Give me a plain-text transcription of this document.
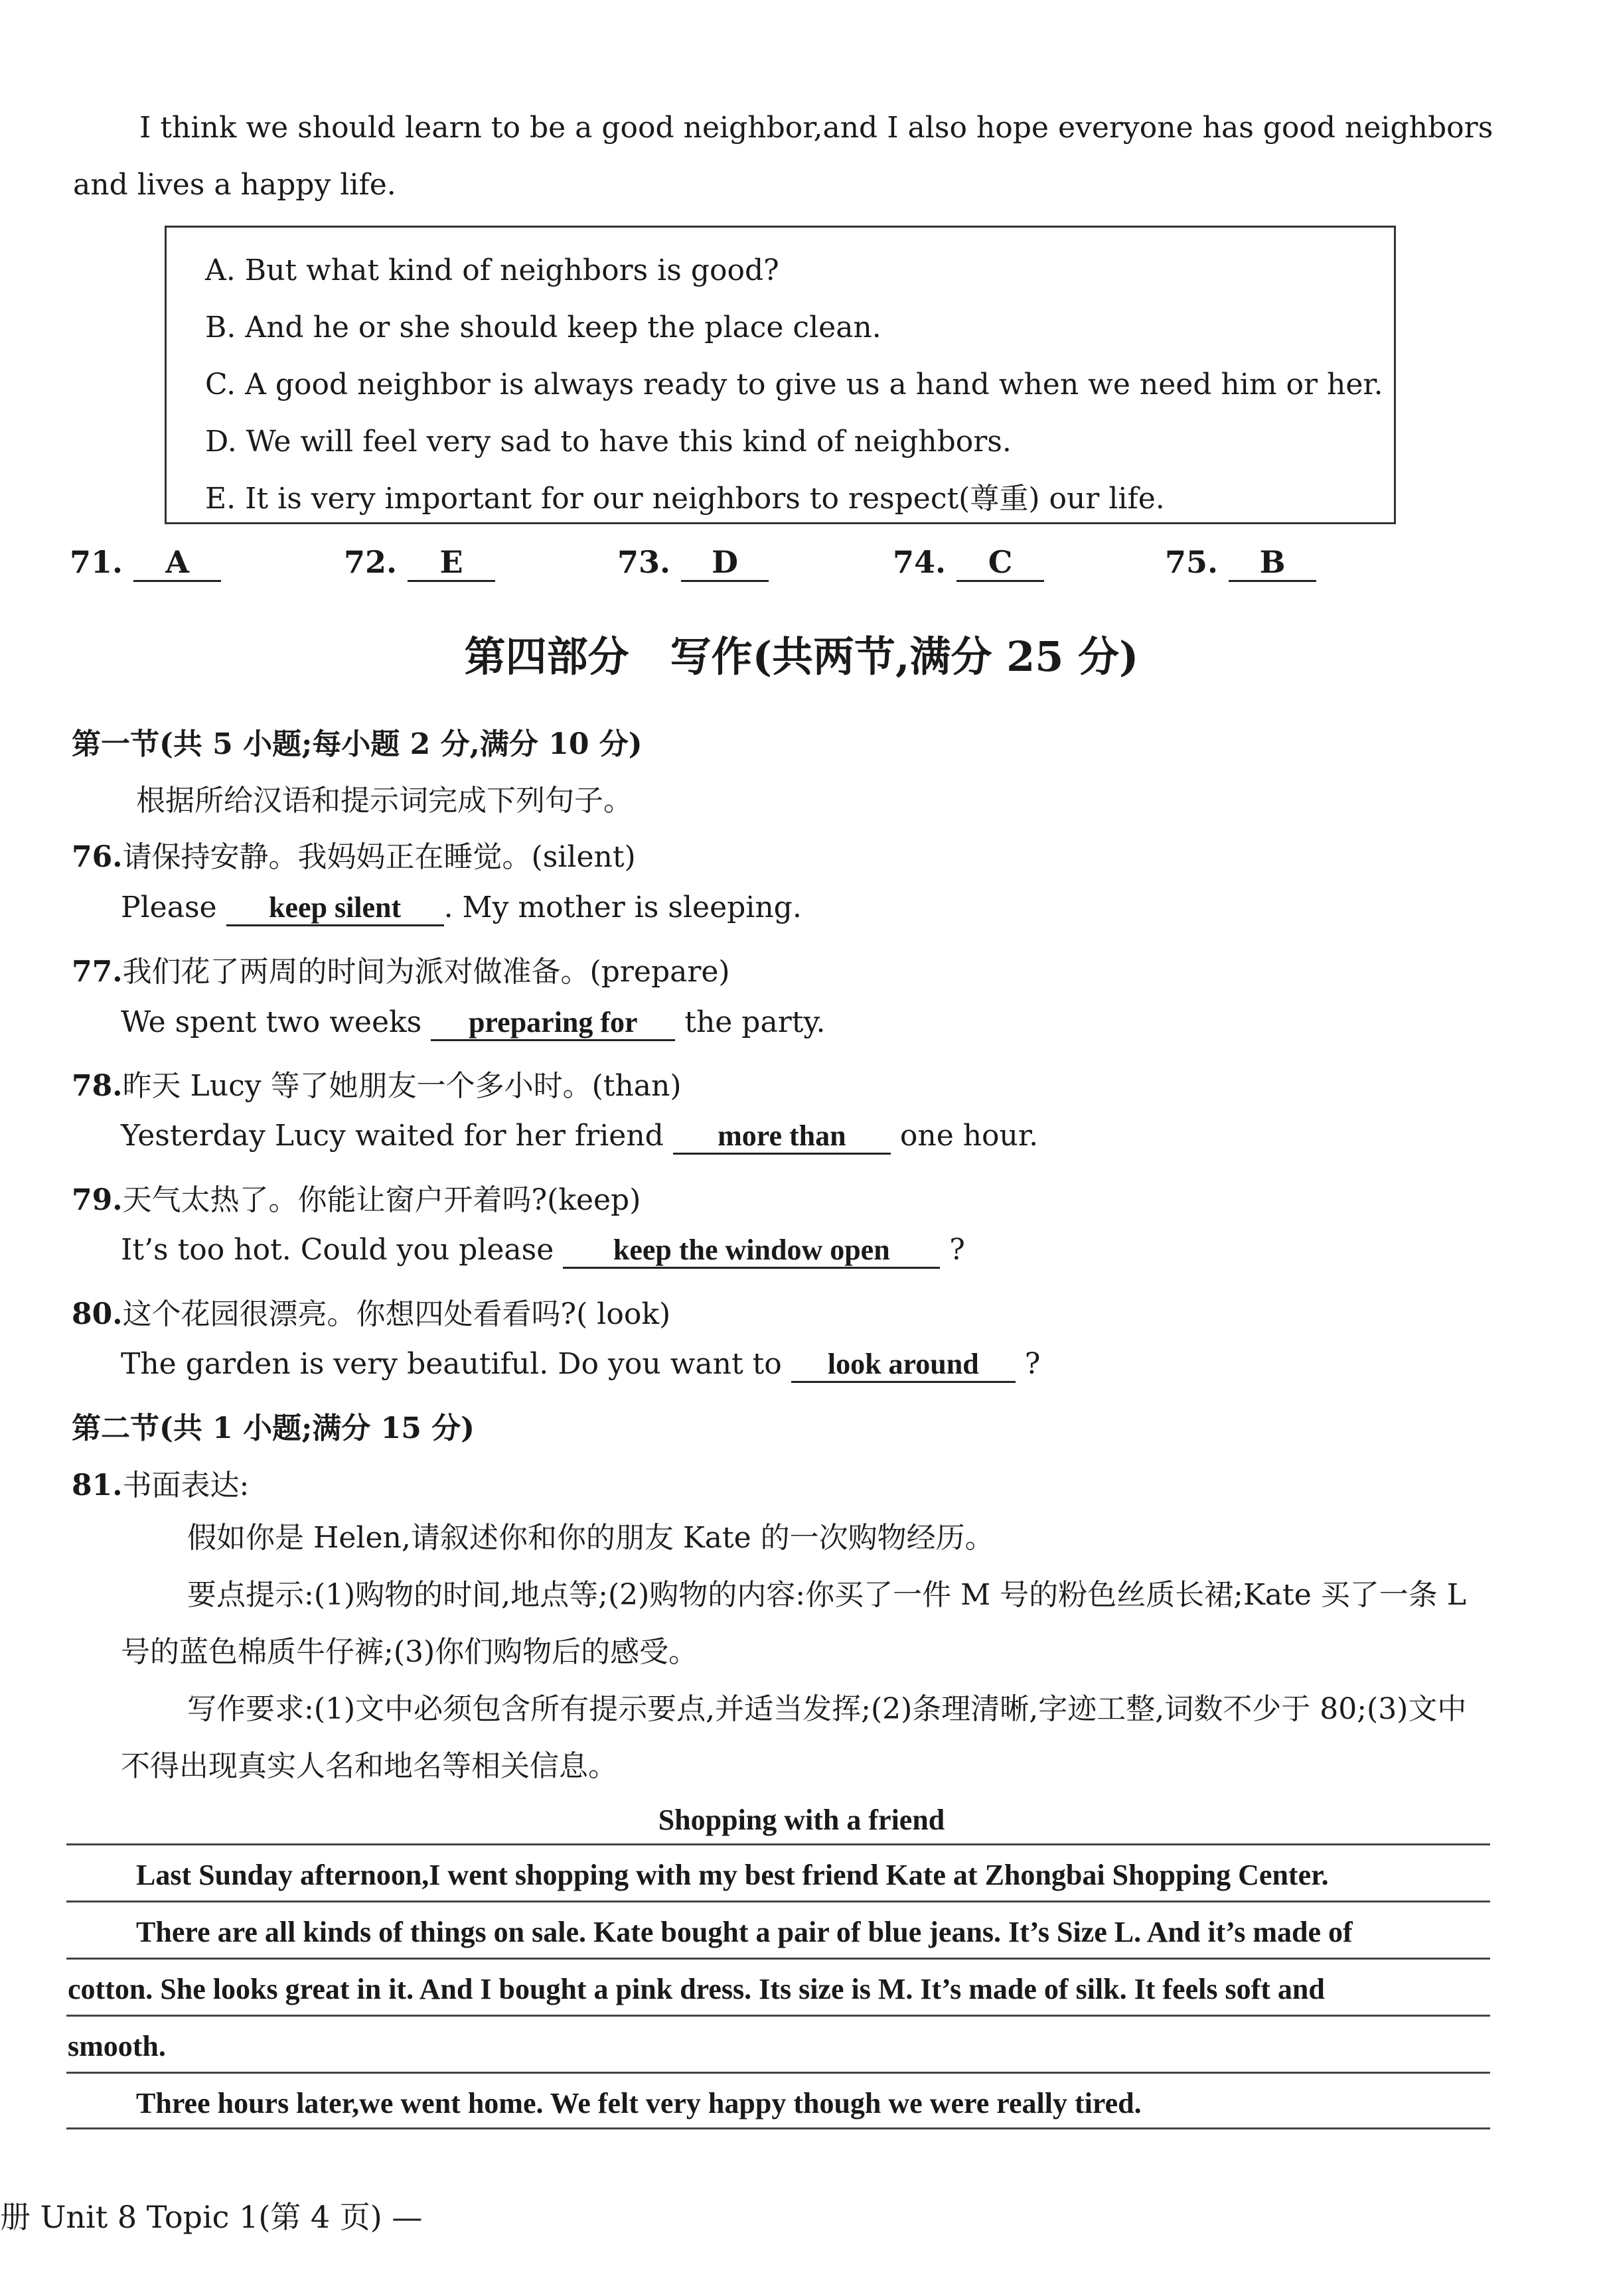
I think we should learn to be a good neighbor,and I also hope everyone has good neighbors and lives a happy life.
A. But what kind of neighbors is good?
B. And he or she should keep the place clean.
C. A good neighbor is always ready to give us a hand when we need him or her.
D. We will feel very sad to have this kind of neighbors.
E. It is very important for our neighbors to respect(尊重) our life.
71. A	72. E	73. D	74. C	75. B
第四部分　写作(共两节,满分 25 分)
第一节(共 5 小题;每小题 2 分,满分 10 分)
根据所给汉语和提示词完成下列句子。
76.请保持安静。我妈妈正在睡觉。(silent)
Please keep silent . My mother is sleeping.
77.我们花了两周的时间为派对做准备。(prepare)
We spent two weeks preparing for the party.
78.昨天 Lucy 等了她朋友一个多小时。(than)
Yesterday Lucy waited for her friend more than one hour.
79.天气太热了。你能让窗户开着吗?(keep)
It’s too hot. Could you please keep the window open ?
80.这个花园很漂亮。你想四处看看吗?( look)
The garden is very beautiful. Do you want to look around ?
第二节(共 1 小题;满分 15 分)
81.书面表达:
假如你是 Helen,请叙述你和你的朋友 Kate 的一次购物经历。
要点提示:(1)购物的时间,地点等;(2)购物的内容:你买了一件 M 号的粉色丝质长裙;Kate 买了一条 L 号的蓝色棉质牛仔裤;(3)你们购物后的感受。
写作要求:(1)文中必须包含所有提示要点,并适当发挥;(2)条理清晰,字迹工整,词数不少于 80;(3)文中不得出现真实人名和地名等相关信息。
Shopping with a friend
Last Sunday afternoon,I went shopping with my best friend Kate at Zhongbai Shopping Center.
There are all kinds of things on sale. Kate bought a pair of blue jeans. It’s Size L. And it’s made of
cotton. She looks great in it. And I bought a pink dress. Its size is M. It’s made of silk. It feels soft and
smooth.
Three hours later,we went home. We felt very happy though we were really tired.
册 Unit 8 Topic 1(第 4 页) —
